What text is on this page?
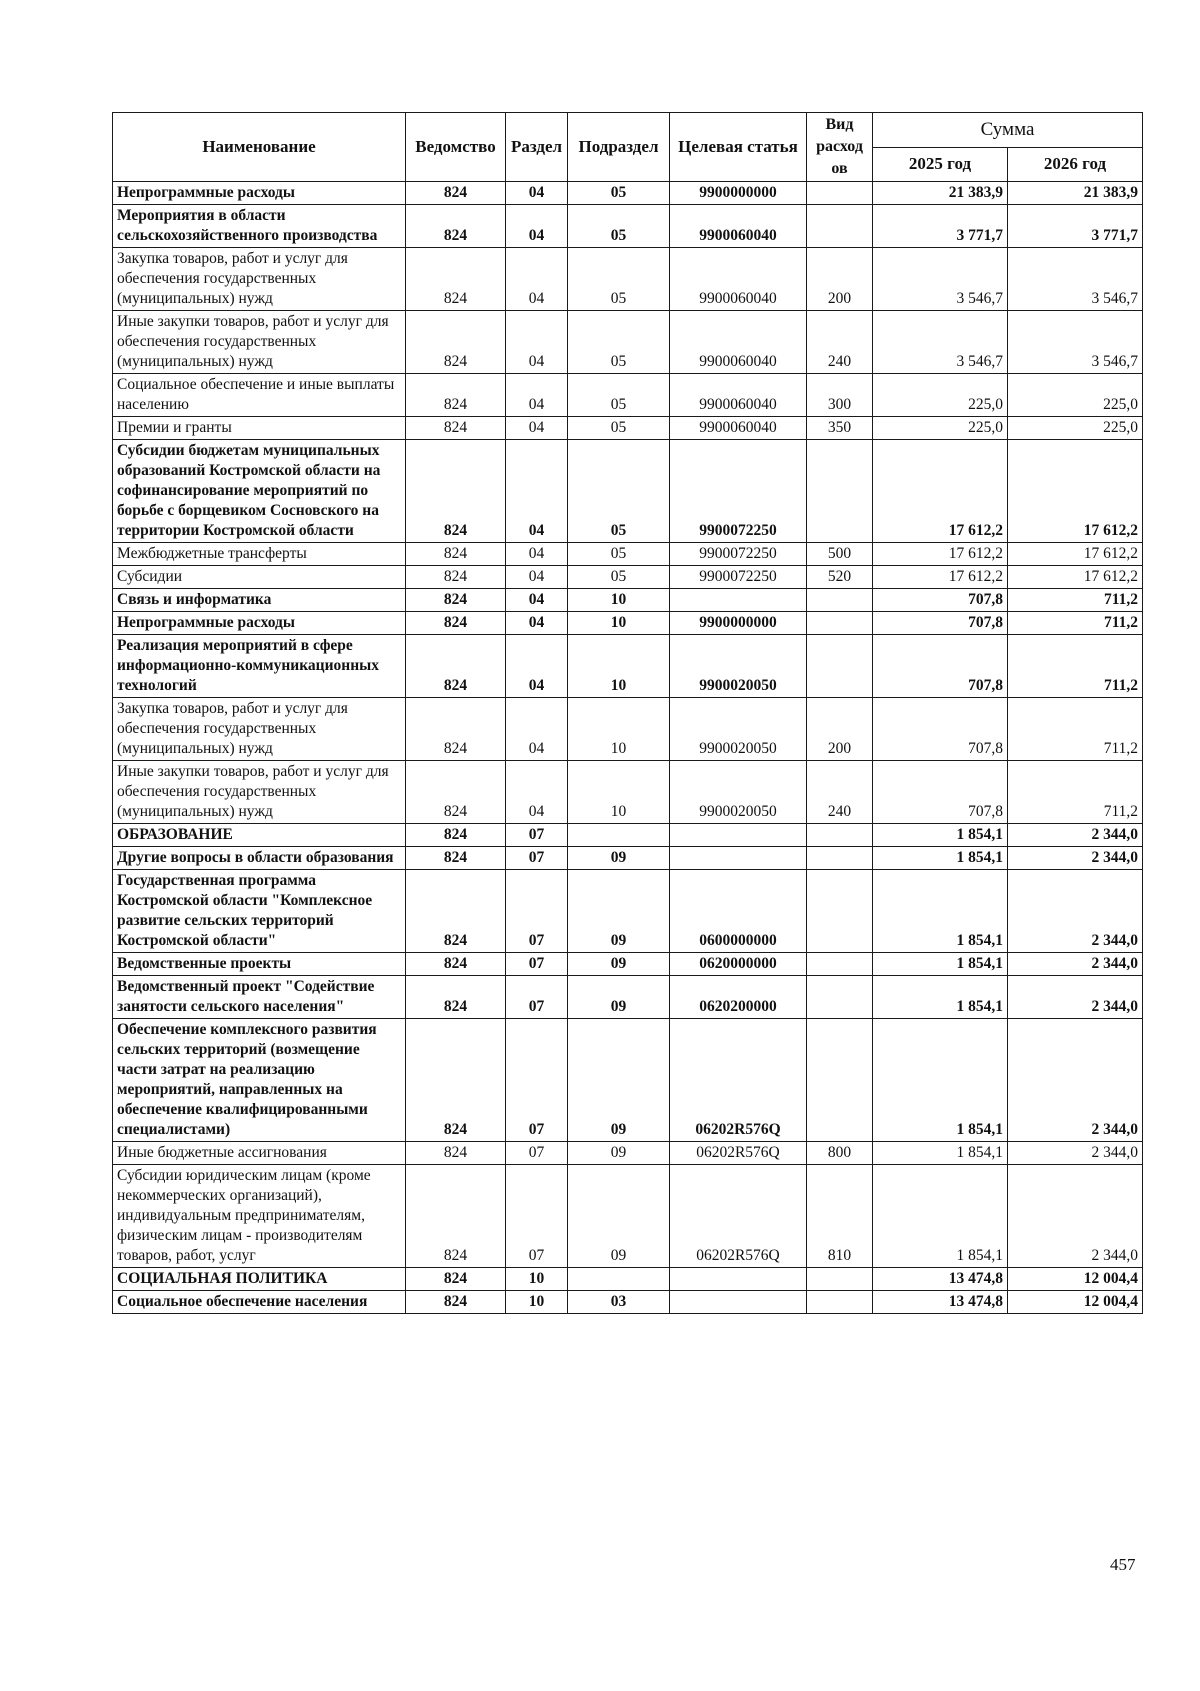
Наименование	Ведомство	Раздел	Подраздел	Целевая статья	Вид расход ов	Сумма	
						2025 год	2026 год
Непрограммные расходы	824	04	05	9900000000		21 383,9	21 383,9
Мероприятия в области сельскохозяйственного производства	824	04	05	9900060040		3 771,7	3 771,7
Закупка товаров, работ и услуг для обеспечения государственных (муниципальных) нужд	824	04	05	9900060040	200	3 546,7	3 546,7
Иные закупки товаров, работ и услуг для обеспечения государственных (муниципальных) нужд	824	04	05	9900060040	240	3 546,7	3 546,7
Социальное обеспечение и иные выплаты населению	824	04	05	9900060040	300	225,0	225,0
Премии и гранты	824	04	05	9900060040	350	225,0	225,0
Субсидии бюджетам муниципальных образований Костромской области на софинансирование мероприятий по борьбе с борщевиком Сосновского на территории Костромской области	824	04	05	9900072250		17 612,2	17 612,2
Межбюджетные трансферты	824	04	05	9900072250	500	17 612,2	17 612,2
Субсидии	824	04	05	9900072250	520	17 612,2	17 612,2
Связь и информатика	824	04	10			707,8	711,2
Непрограммные расходы	824	04	10	9900000000		707,8	711,2
Реализация мероприятий в сфере информационно-коммуникационных технологий	824	04	10	9900020050		707,8	711,2
Закупка товаров, работ и услуг для обеспечения государственных (муниципальных) нужд	824	04	10	9900020050	200	707,8	711,2
Иные закупки товаров, работ и услуг для обеспечения государственных (муниципальных) нужд	824	04	10	9900020050	240	707,8	711,2
ОБРАЗОВАНИЕ	824	07				1 854,1	2 344,0
Другие вопросы в области образования	824	07	09			1 854,1	2 344,0
Государственная программа Костромской области "Комплексное развитие сельских территорий Костромской области"	824	07	09	0600000000		1 854,1	2 344,0
Ведомственные проекты	824	07	09	0620000000		1 854,1	2 344,0
Ведомственный проект "Содействие занятости сельского населения"	824	07	09	0620200000		1 854,1	2 344,0
Обеспечение комплексного развития сельских территорий (возмещение части затрат на реализацию мероприятий, направленных на обеспечение квалифицированными специалистами)	824	07	09	06202R576Q		1 854,1	2 344,0
Иные бюджетные ассигнования	824	07	09	06202R576Q	800	1 854,1	2 344,0
Субсидии юридическим лицам (кроме некоммерческих организаций), индивидуальным предпринимателям, физическим лицам - производителям товаров, работ, услуг	824	07	09	06202R576Q	810	1 854,1	2 344,0
СОЦИАЛЬНАЯ ПОЛИТИКА	824	10				13 474,8	12 004,4
Социальное обеспечение населения	824	10	03			13 474,8	12 004,4
457
